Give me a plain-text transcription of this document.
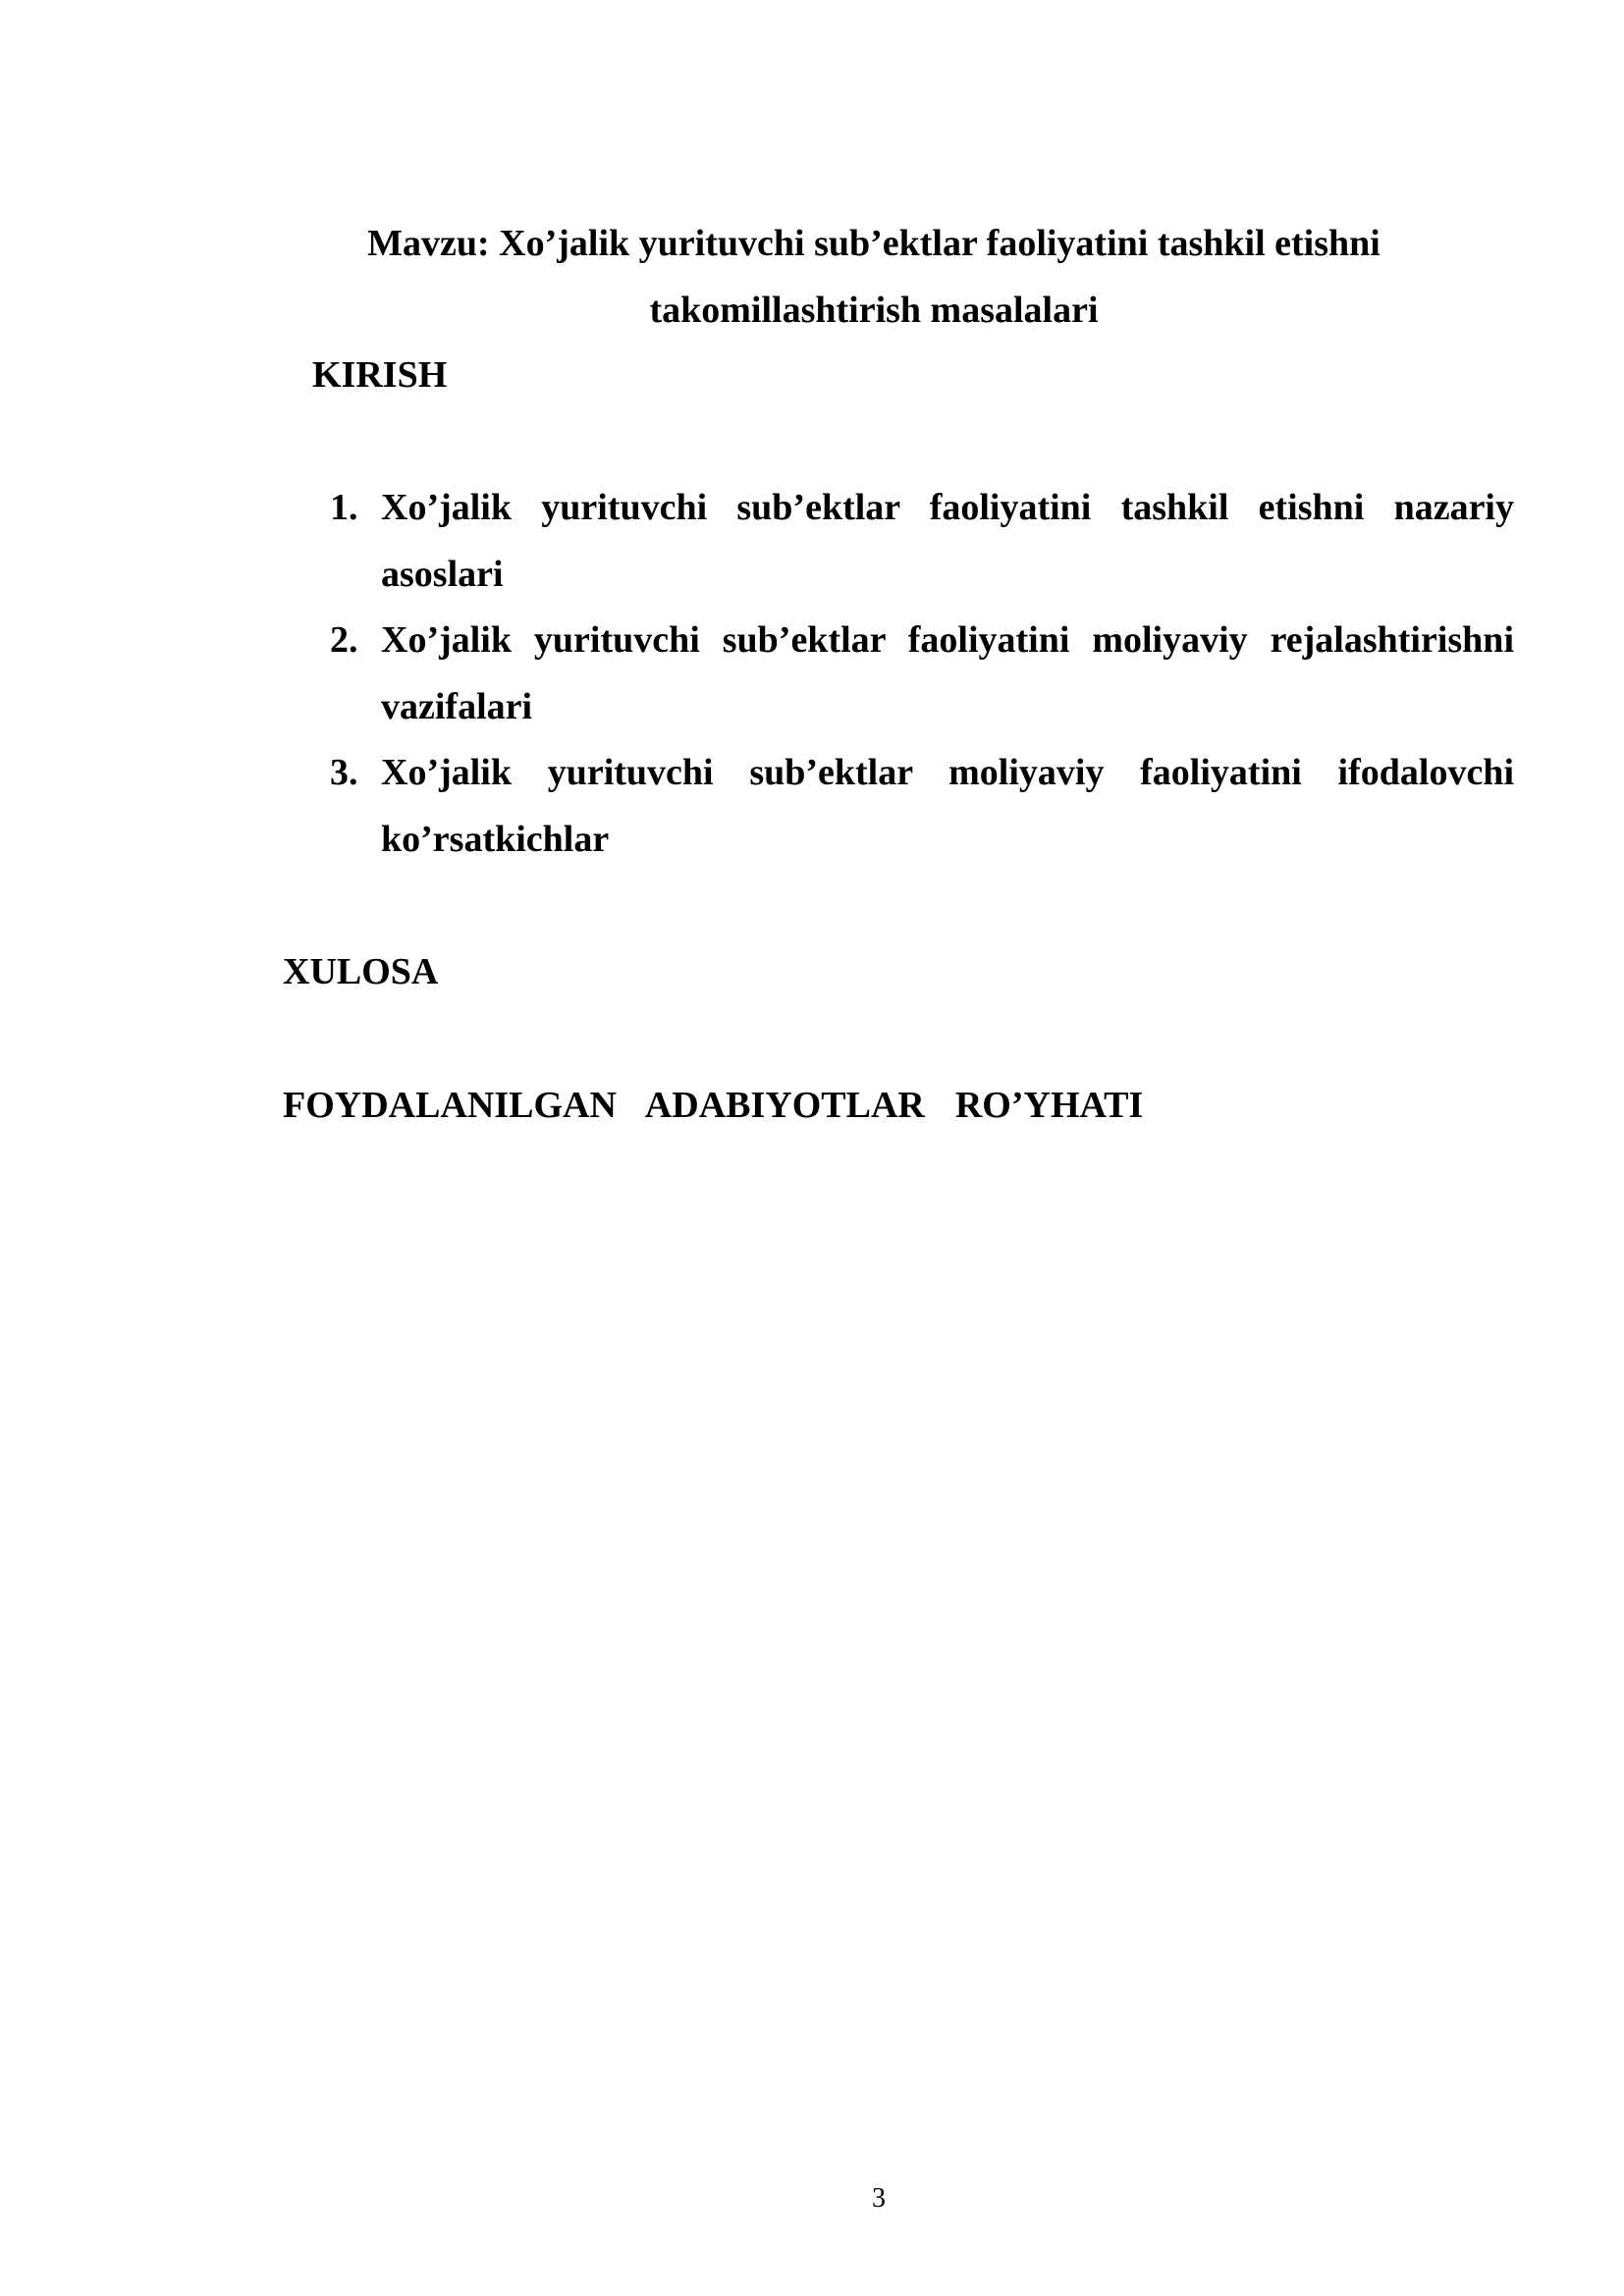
Mavzu: Xo’jalik yurituvchi sub’ektlar faoliyatini tashkil etishni
takomillashtirish masalalari
KIRISH
1. Xo’jalik yurituvchi sub’ektlar faoliyatini tashkil etishni nazariy
asoslari
2. Xo’jalik yurituvchi sub’ektlar faoliyatini moliyaviy rejalashtirishni
vazifalari
3. Xo’jalik yurituvchi sub’ektlar moliyaviy faoliyatini ifodalovchi
ko’rsatkichlar
XULOSA
FOYDALANILGAN  ADABIYOTLAR  RO’YHATI
3
